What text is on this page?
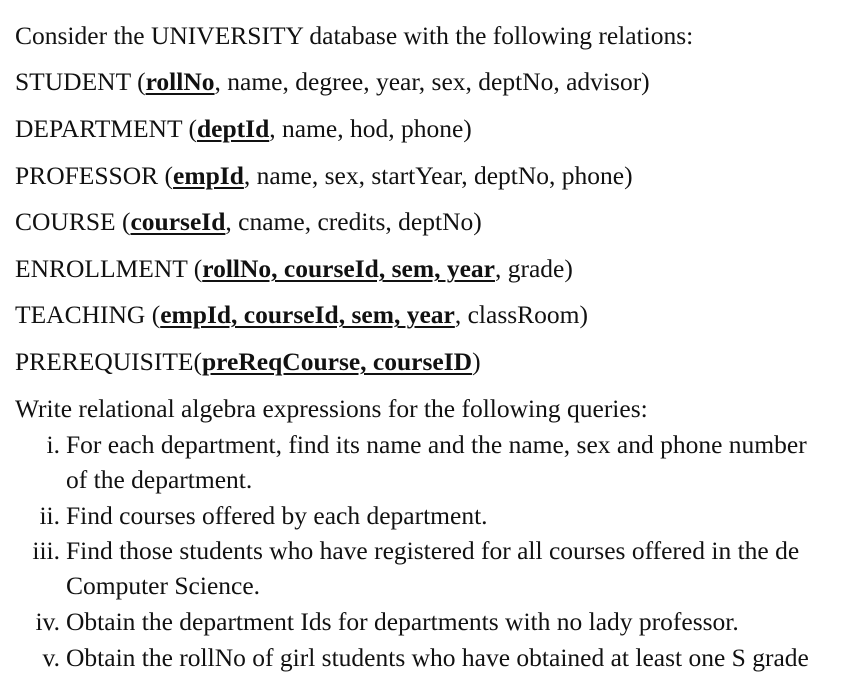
Consider the UNIVERSITY database with the following relations:
STUDENT (rollNo, name, degree, year, sex, deptNo, advisor)
DEPARTMENT (deptId, name, hod, phone)
PROFESSOR (empId, name, sex, startYear, deptNo, phone)
COURSE (courseId, cname, credits, deptNo)
ENROLLMENT (rollNo, courseId, sem, year, grade)
TEACHING (empId, courseId, sem, year, classRoom)
PREREQUISITE(preReqCourse, courseID)
Write relational algebra expressions for the following queries:
i. For each department, find its name and the name, sex and phone number
of the department.
ii. Find courses offered by each department.
iii. Find those students who have registered for all courses offered in the de
Computer Science.
iv. Obtain the department Ids for departments with no lady professor.
v. Obtain the rollNo of girl students who have obtained at least one S grade
